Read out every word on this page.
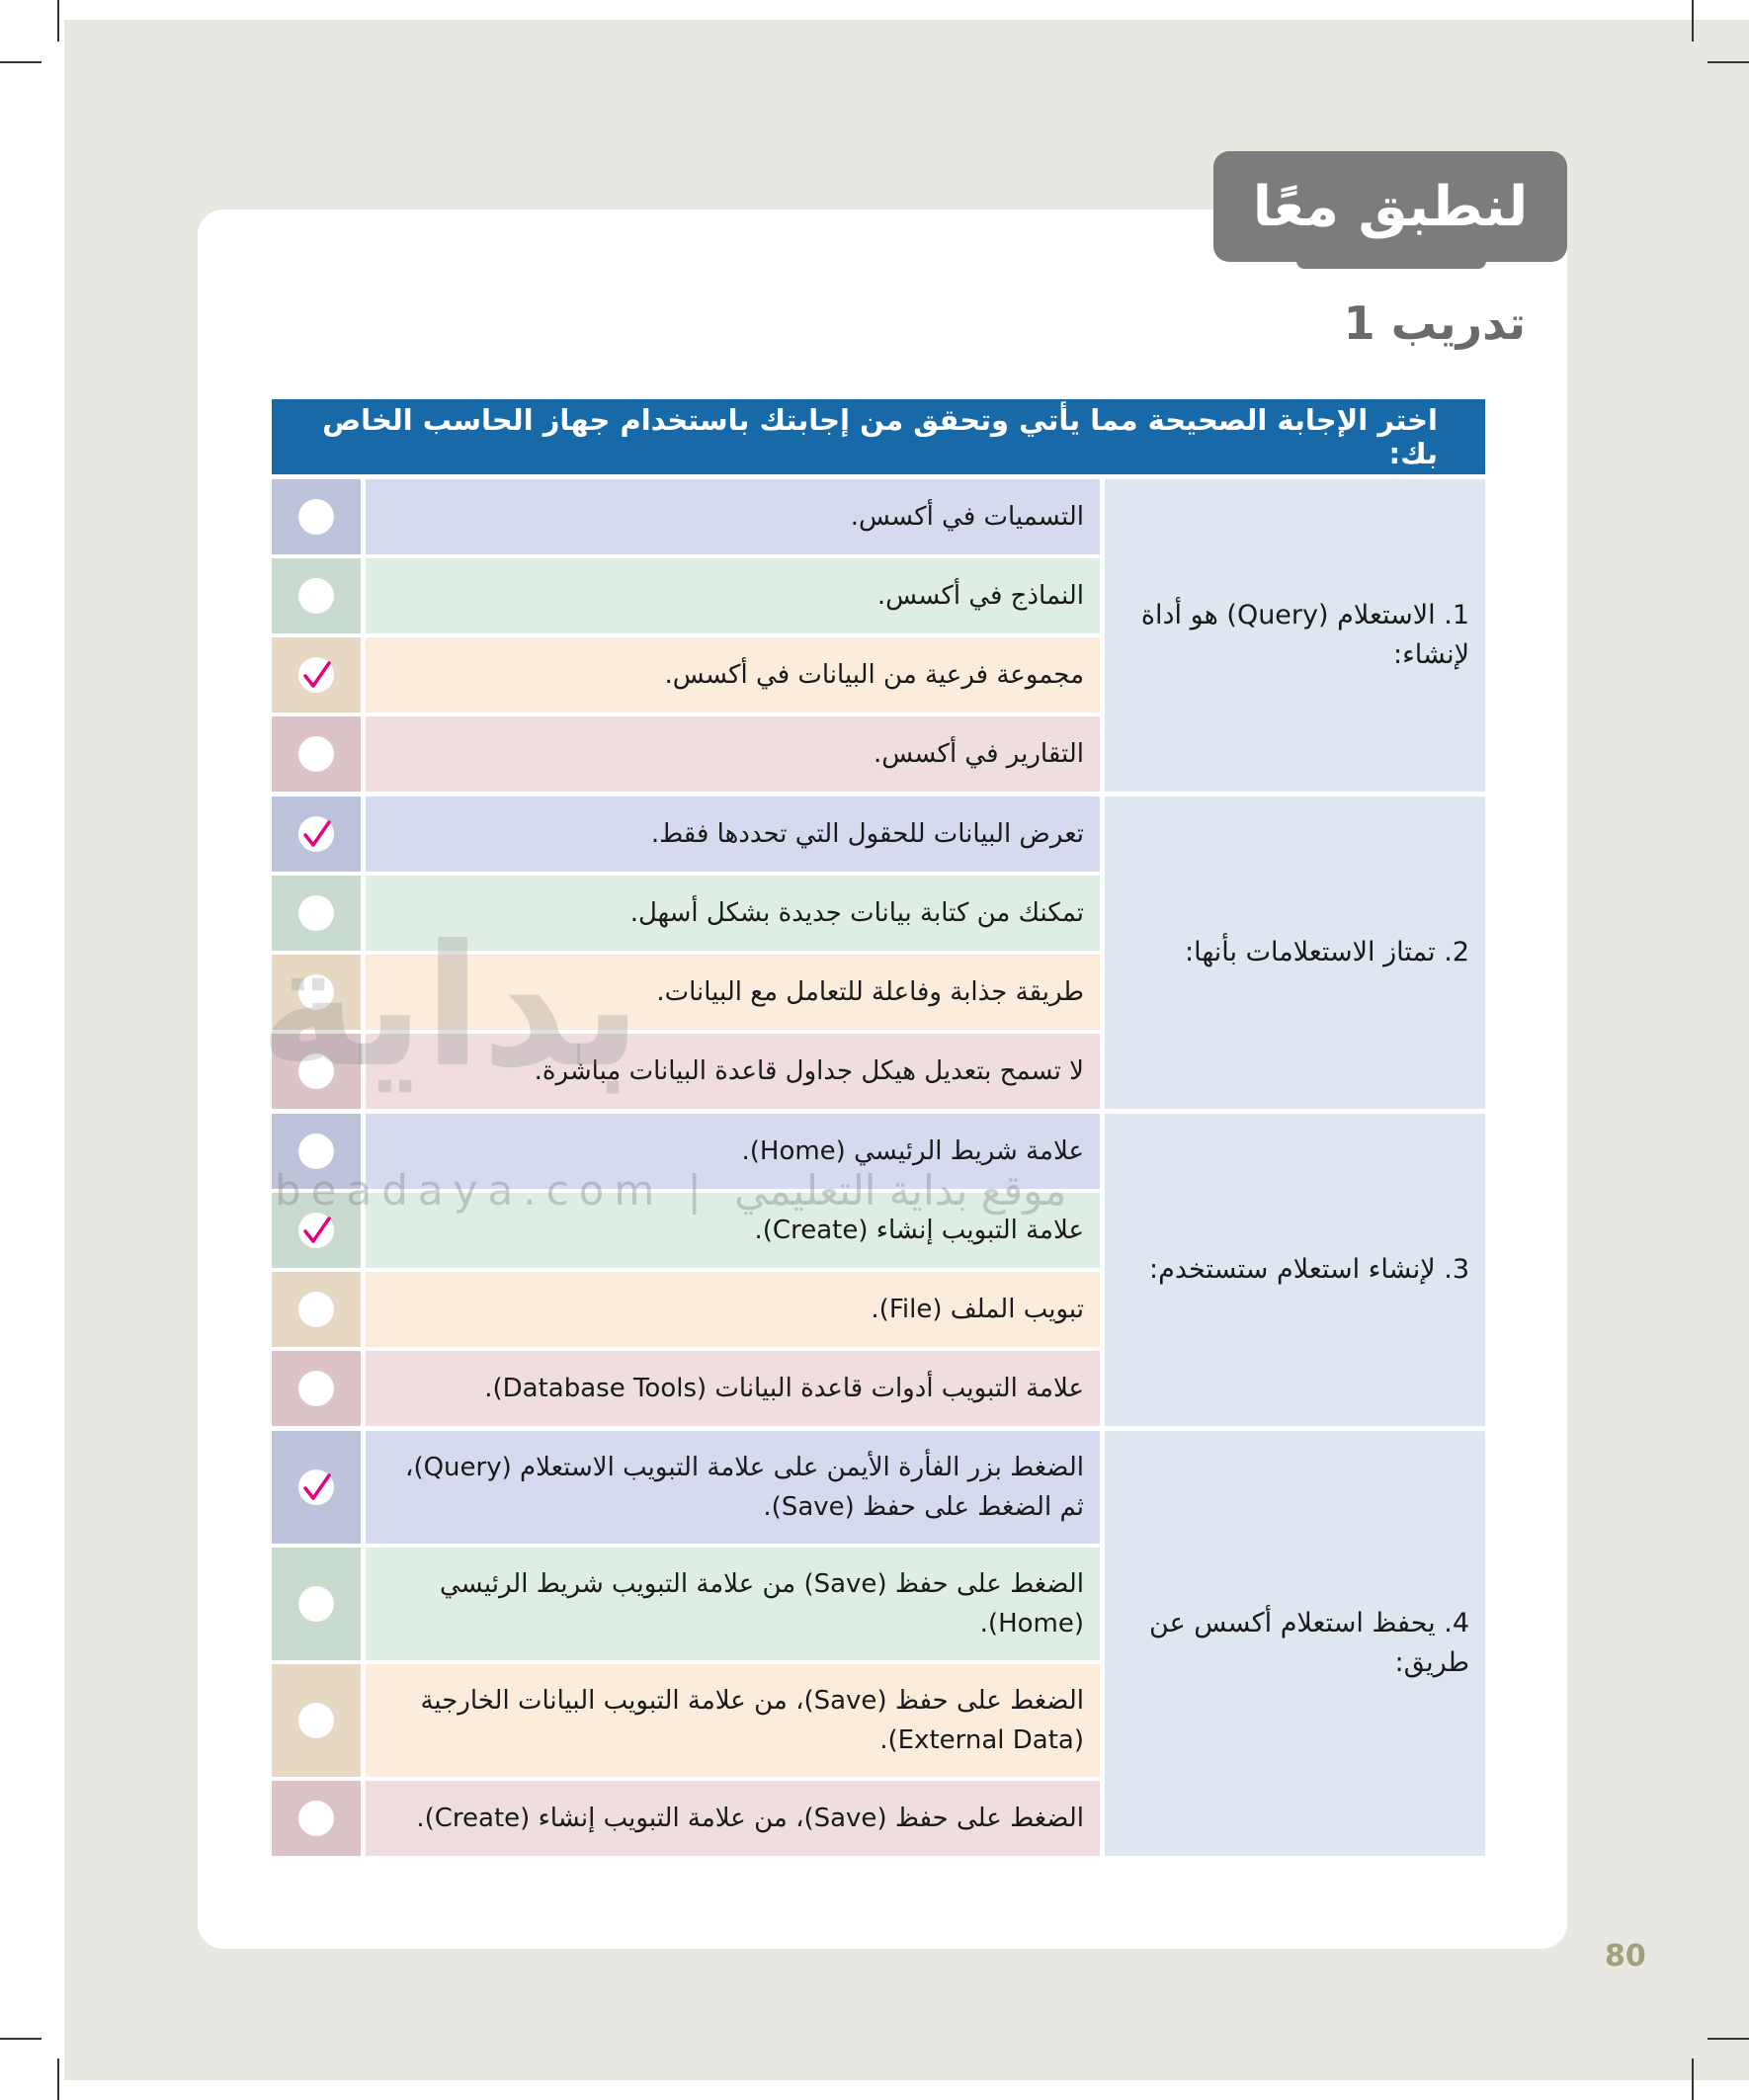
لنطبق معًا
تدريب 1
اختر الإجابة الصحيحة مما يأتي وتحقق من إجابتك باستخدام جهاز الحاسب الخاص بك:
1. الاستعلام (Query) هو أداة لإنشاء:
التسميات في أكسس.
النماذج في أكسس.
مجموعة فرعية من البيانات في أكسس.
التقارير في أكسس.
2. تمتاز الاستعلامات بأنها:
تعرض البيانات للحقول التي تحددها فقط.
تمكنك من كتابة بيانات جديدة بشكل أسهل.
طريقة جذابة وفاعلة للتعامل مع البيانات.
لا تسمح بتعديل هيكل جداول قاعدة البيانات مباشرة.
3. لإنشاء استعلام ستستخدم:
علامة شريط الرئيسي (Home).
علامة التبويب إنشاء (Create).
تبويب الملف (File).
علامة التبويب أدوات قاعدة البيانات (Database Tools).
4. يحفظ استعلام أكسس عن طريق:
الضغط بزر الفأرة الأيمن على علامة التبويب الاستعلام (Query)، ثم الضغط على حفظ (Save).
الضغط على حفظ (Save) من علامة التبويب شريط الرئيسي (Home).
الضغط على حفظ (Save)، من علامة التبويب البيانات الخارجية (External Data).
الضغط على حفظ (Save)، من علامة التبويب إنشاء (Create).
بداية
beadaya.com | موقع بداية التعليمي
80
